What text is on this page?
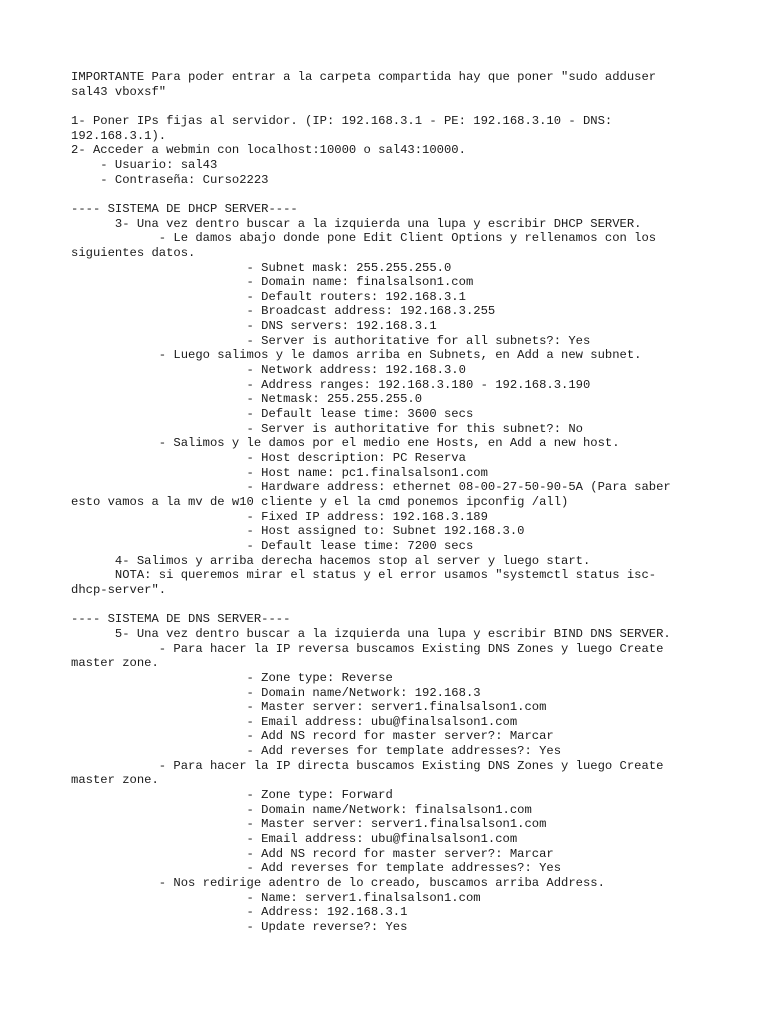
IMPORTANTE Para poder entrar a la carpeta compartida hay que poner "sudo adduser
sal43 vboxsf"
1- Poner IPs fijas al servidor. (IP: 192.168.3.1 - PE: 192.168.3.10 - DNS:
192.168.3.1).
2- Acceder a webmin con localhost:10000 o sal43:10000.
- Usuario: sal43
- Contraseña: Curso2223
---- SISTEMA DE DHCP SERVER----
3- Una vez dentro buscar a la izquierda una lupa y escribir DHCP SERVER.
- Le damos abajo donde pone Edit Client Options y rellenamos con los
siguientes datos.
- Subnet mask: 255.255.255.0
- Domain name: finalsalson1.com
- Default routers: 192.168.3.1
- Broadcast address: 192.168.3.255
- DNS servers: 192.168.3.1
- Server is authoritative for all subnets?: Yes
- Luego salimos y le damos arriba en Subnets, en Add a new subnet.
- Network address: 192.168.3.0
- Address ranges: 192.168.3.180 - 192.168.3.190
- Netmask: 255.255.255.0
- Default lease time: 3600 secs
- Server is authoritative for this subnet?: No
- Salimos y le damos por el medio ene Hosts, en Add a new host.
- Host description: PC Reserva
- Host name: pc1.finalsalson1.com
- Hardware address: ethernet 08-00-27-50-90-5A (Para saber
esto vamos a la mv de w10 cliente y el la cmd ponemos ipconfig /all)
- Fixed IP address: 192.168.3.189
- Host assigned to: Subnet 192.168.3.0
- Default lease time: 7200 secs
4- Salimos y arriba derecha hacemos stop al server y luego start.
NOTA: si queremos mirar el status y el error usamos "systemctl status isc-
dhcp-server".
---- SISTEMA DE DNS SERVER----
5- Una vez dentro buscar a la izquierda una lupa y escribir BIND DNS SERVER.
- Para hacer la IP reversa buscamos Existing DNS Zones y luego Create
master zone.
- Zone type: Reverse
- Domain name/Network: 192.168.3
- Master server: server1.finalsalson1.com
- Email address: ubu@finalsalson1.com
- Add NS record for master server?: Marcar
- Add reverses for template addresses?: Yes
- Para hacer la IP directa buscamos Existing DNS Zones y luego Create
master zone.
- Zone type: Forward
- Domain name/Network: finalsalson1.com
- Master server: server1.finalsalson1.com
- Email address: ubu@finalsalson1.com
- Add NS record for master server?: Marcar
- Add reverses for template addresses?: Yes
- Nos redirige adentro de lo creado, buscamos arriba Address.
- Name: server1.finalsalson1.com
- Address: 192.168.3.1
- Update reverse?: Yes
